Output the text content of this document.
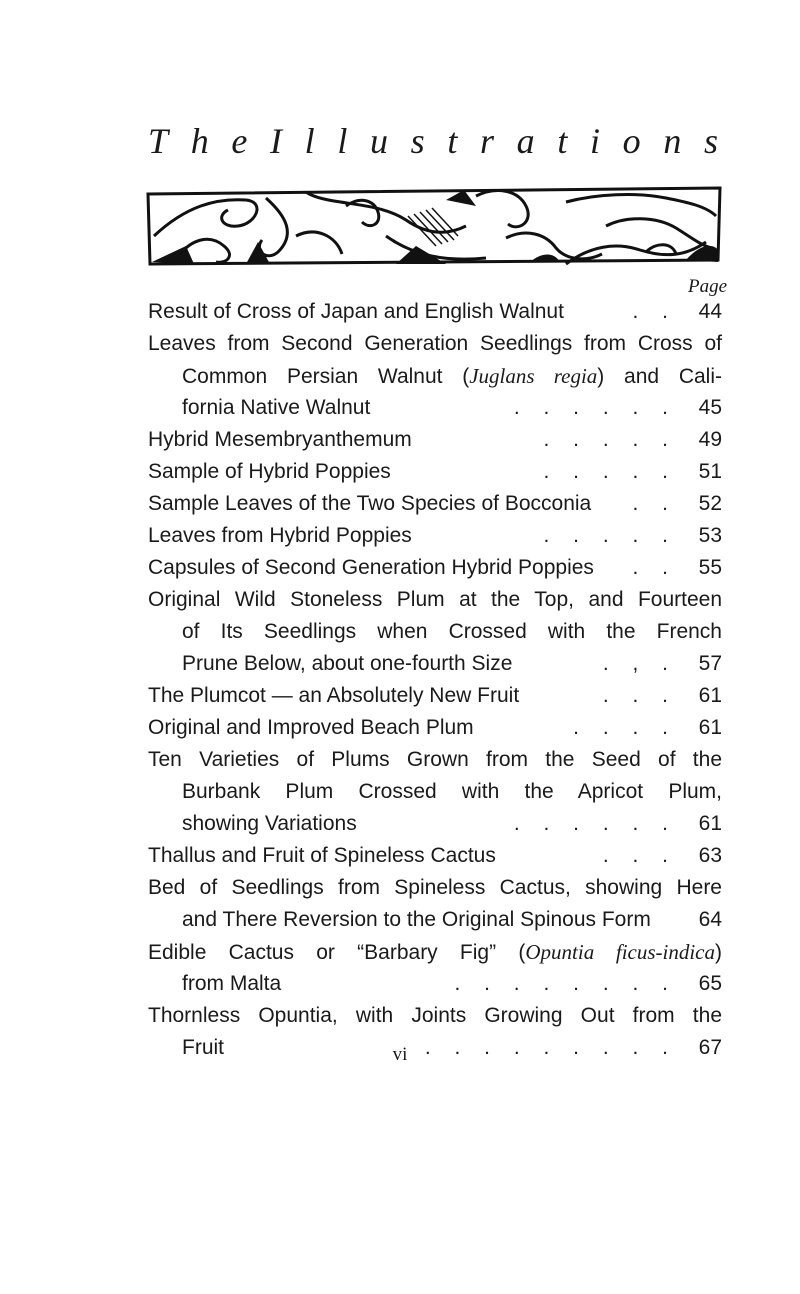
T h e I l l u s t r a t i o n s
Page
Result of Cross of Japan and English Walnut	. .	44
Leaves from Second Generation Seedlings from Cross of
Common Persian Walnut (Juglans regia) and Cali-
fornia Native Walnut	. . . . . .	45
Hybrid Mesembryanthemum	. . . . .	49
Sample of Hybrid Poppies	. . . . .	51
Sample Leaves of the Two Species of Bocconia . .	52
Leaves from Hybrid Poppies	. . . . .	53
Capsules of Second Generation Hybrid Poppies . .	55
Original Wild Stoneless Plum at the Top, and Fourteen
of Its Seedlings when Crossed with the French
Prune Below, about one-fourth Size	. , .	57
The Plumcot — an Absolutely New Fruit	. . .	61
Original and Improved Beach Plum	. . . .	61
Ten Varieties of Plums Grown from the Seed of the
Burbank Plum Crossed with the Apricot Plum,
showing Variations	. . . . . .	61
Thallus and Fruit of Spineless Cactus	. . .	63
Bed of Seedlings from Spineless Cactus, showing Here
and There Reversion to the Original Spinous Form	64
Edible Cactus or “Barbary Fig” (Opuntia ficus-indica)
from Malta	. . . . . . . .	65
Thornless Opuntia, with Joints Growing Out from the
Fruit	. . . . . . . . .	67
vi
